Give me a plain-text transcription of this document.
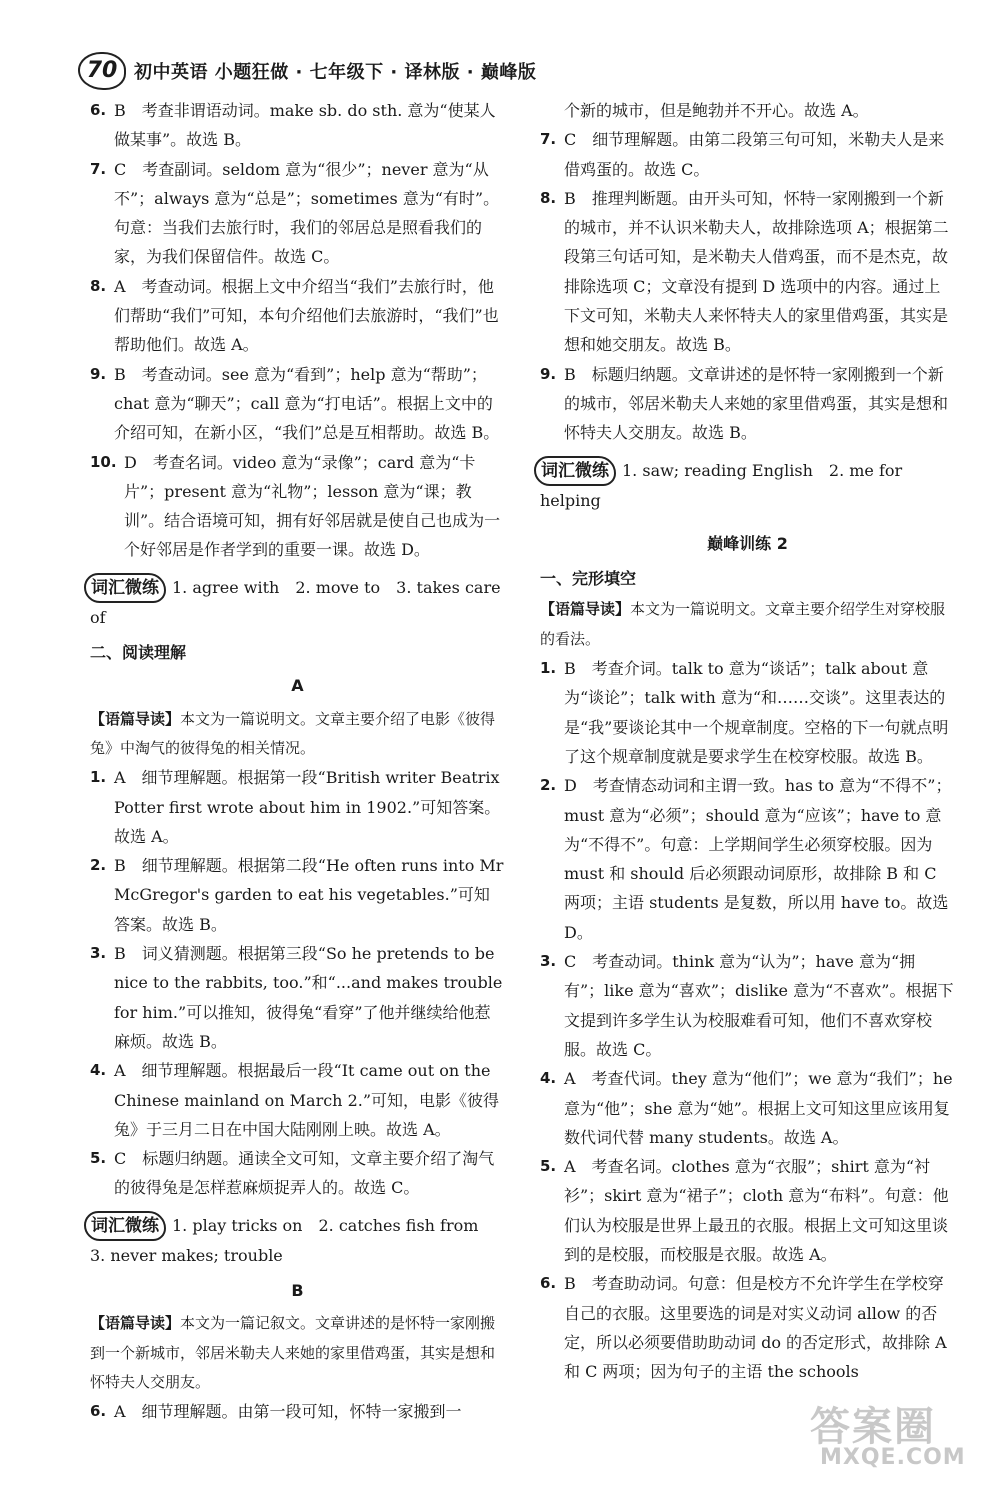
70 初中英语 小题狂做 · 七年级下 · 译林版 · 巅峰版

6. B　考查非谓语动词。make sb. do sth. 意为“使某人做某事”。故选 B。

7. C　考查副词。seldom 意为“很少”；never 意为“从不”；always 意为“总是”；sometimes 意为“有时”。句意：当我们去旅行时，我们的邻居总是照看我们的家，为我们保留信件。故选 C。

8. A　考查动词。根据上文中介绍当“我们”去旅行时，他们帮助“我们”可知，本句介绍他们去旅游时，“我们”也帮助他们。故选 A。

9. B　考查动词。see 意为“看到”；help 意为“帮助”；chat 意为“聊天”；call 意为“打电话”。根据上文中的介绍可知，在新小区，“我们”总是互相帮助。故选 B。

10. D　考查名词。video 意为“录像”；card 意为“卡片”；present 意为“礼物”；lesson 意为“课；教训”。结合语境可知，拥有好邻居就是使自己也成为一个好邻居是作者学到的重要一课。故选 D。

词汇微练 1. agree with　2. move to　3. takes care of
二、阅读理解
A

【语篇导读】本文为一篇说明文。文章主要介绍了电影《彼得兔》中淘气的彼得兔的相关情况。

1. A　细节理解题。根据第一段“British writer Beatrix Potter first wrote about him in 1902.”可知答案。故选 A。

2. B　细节理解题。根据第二段“He often runs into Mr McGregor's garden to eat his vegetables.”可知答案。故选 B。

3. B　词义猜测题。根据第三段“So he pretends to be nice to the rabbits, too.”和“...and makes trouble for him.”可以推知，彼得兔“看穿”了他并继续给他惹麻烦。故选 B。

4. A　细节理解题。根据最后一段“It came out on the Chinese mainland on March 2.”可知，电影《彼得兔》于三月二日在中国大陆刚刚上映。故选 A。

5. C　标题归纳题。通读全文可知，文章主要介绍了淘气的彼得兔是怎样惹麻烦捉弄人的。故选 C。

词汇微练 1. play tricks on　2. catches fish from
3. never makes; trouble
B

【语篇导读】本文为一篇记叙文。文章讲述的是怀特一家刚搬到一个新城市，邻居米勒夫人来她的家里借鸡蛋，其实是想和怀特夫人交朋友。

6. A　细节理解题。由第一段可知，怀特一家搬到一

个新的城市，但是鲍勃并不开心。故选 A。

7. C　细节理解题。由第二段第三句可知，米勒夫人是来借鸡蛋的。故选 C。

8. B　推理判断题。由开头可知，怀特一家刚搬到一个新的城市，并不认识米勒夫人，故排除选项 A；根据第二段第三句话可知，是米勒夫人借鸡蛋，而不是杰克，故排除选项 C；文章没有提到 D 选项中的内容。通过上下文可知，米勒夫人来怀特夫人的家里借鸡蛋，其实是想和她交朋友。故选 B。

9. B　标题归纳题。文章讲述的是怀特一家刚搬到一个新的城市，邻居米勒夫人来她的家里借鸡蛋，其实是想和怀特夫人交朋友。故选 B。

词汇微练 1. saw; reading English　2. me for helping
巅峰训练 2
一、完形填空

【语篇导读】本文为一篇说明文。文章主要介绍学生对穿校服的看法。

1. B　考查介词。talk to 意为“谈话”；talk about 意为“谈论”；talk with 意为“和……交谈”。这里表达的是“我”要谈论其中一个规章制度。空格的下一句就点明了这个规章制度就是要求学生在校穿校服。故选 B。

2. D　考查情态动词和主谓一致。has to 意为“不得不”；must 意为“必须”；should 意为“应该”；have to 意为“不得不”。句意：上学期间学生必须穿校服。因为 must 和 should 后必须跟动词原形，故排除 B 和 C 两项；主语 students 是复数，所以用 have to。故选 D。

3. C　考查动词。think 意为“认为”；have 意为“拥有”；like 意为“喜欢”；dislike 意为“不喜欢”。根据下文提到许多学生认为校服难看可知，他们不喜欢穿校服。故选 C。

4. A　考查代词。they 意为“他们”；we 意为“我们”；he 意为“他”；she 意为“她”。根据上文可知这里应该用复数代词代替 many students。故选 A。

5. A　考查名词。clothes 意为“衣服”；shirt 意为“衬衫”；skirt 意为“裙子”；cloth 意为“布料”。句意：他们认为校服是世界上最丑的衣服。根据上文可知这里谈到的是校服，而校服是衣服。故选 A。

6. B　考查助动词。句意：但是校方不允许学生在学校穿自己的衣服。这里要选的词是对实义动词 allow 的否定，所以必须要借助助动词 do 的否定形式，故排除 A 和 C 两项；因为句子的主语 the schools

答案圈
MXQE.COM
